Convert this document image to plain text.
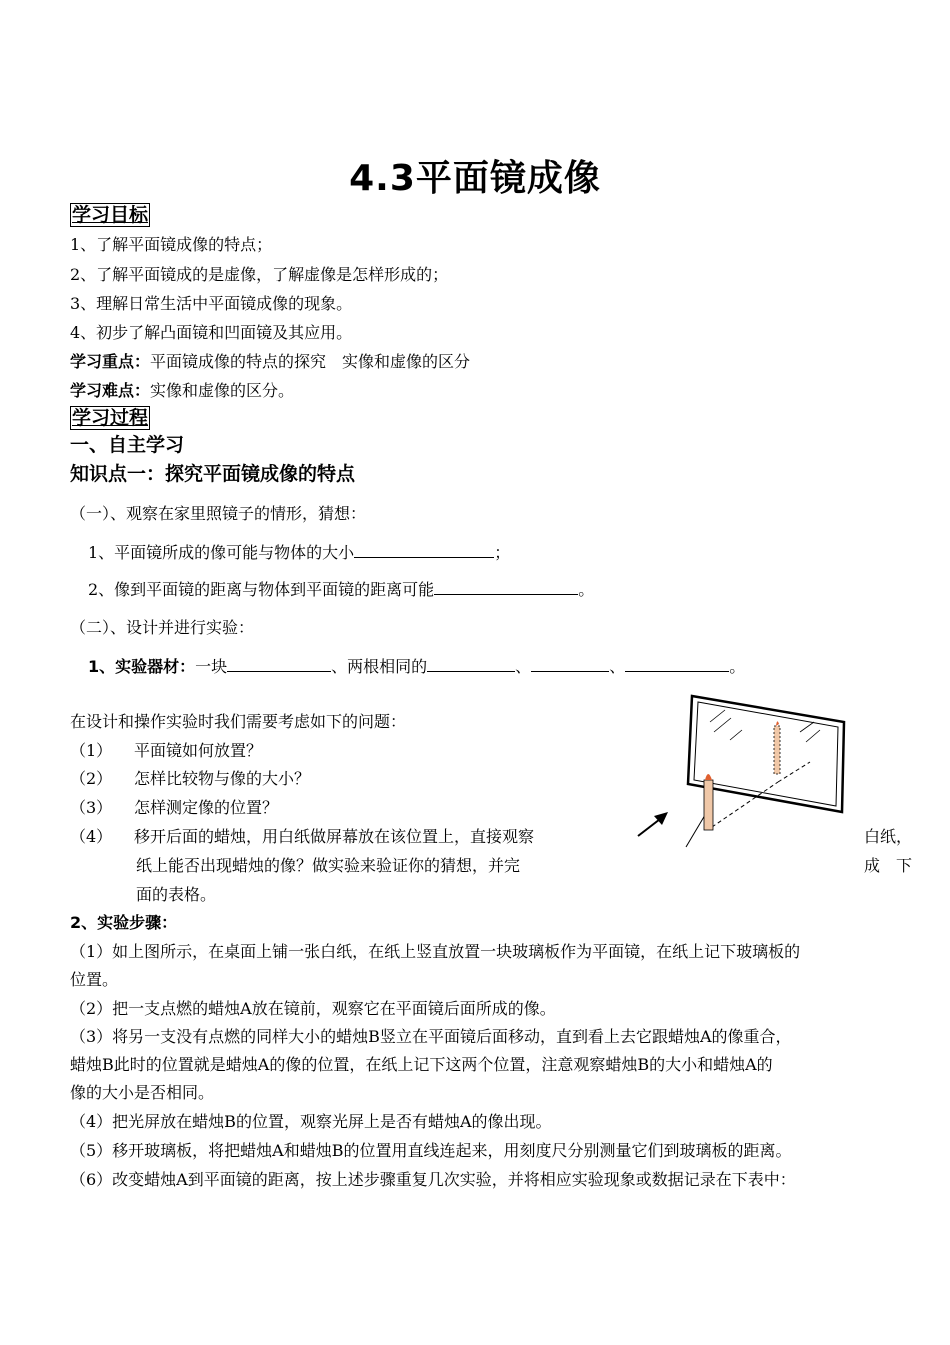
4.3平面镜成像
学习目标
1、了解平面镜成像的特点；
2、了解平面镜成的是虚像，了解虚像是怎样形成的；
3、理解日常生活中平面镜成像的现象。
4、初步了解凸面镜和凹面镜及其应用。
学习重点：平面镜成像的特点的探究　实像和虚像的区分
学习难点：实像和虚像的区分。
学习过程
一、自主学习
知识点一：探究平面镜成像的特点
（一）、观察在家里照镜子的情形，猜想：
1、平面镜所成的像可能与物体的大小	；
2、像到平面镜的距离与物体到平面镜的距离可能	。
（二）、设计并进行实验：
1、实验器材：一块	、两根相同的	、	、	。
在设计和操作实验时我们需要考虑如下的问题：
（1） 平面镜如何放置？
（2） 怎样比较物与像的大小？
（3） 怎样测定像的位置？
（4） 移开后面的蜡烛，用白纸做屏幕放在该位置上，直接观察	白纸，
纸上能否出现蜡烛的像？做实验来验证你的猜想，并完	成　下
面的表格。
2、实验步骤：
（1）如上图所示，在桌面上铺一张白纸，在纸上竖直放置一块玻璃板作为平面镜，在纸上记下玻璃板的
位置。
（2）把一支点燃的蜡烛A放在镜前，观察它在平面镜后面所成的像。
（3）将另一支没有点燃的同样大小的蜡烛B竖立在平面镜后面移动，直到看上去它跟蜡烛A的像重合，
蜡烛B此时的位置就是蜡烛A的像的位置，在纸上记下这两个位置，注意观察蜡烛B的大小和蜡烛A的
像的大小是否相同。
（4）把光屏放在蜡烛B的位置，观察光屏上是否有蜡烛A的像出现。
（5）移开玻璃板，将把蜡烛A和蜡烛B的位置用直线连起来，用刻度尺分别测量它们到玻璃板的距离。
（6）改变蜡烛A到平面镜的距离，按上述步骤重复几次实验，并将相应实验现象或数据记录在下表中：
